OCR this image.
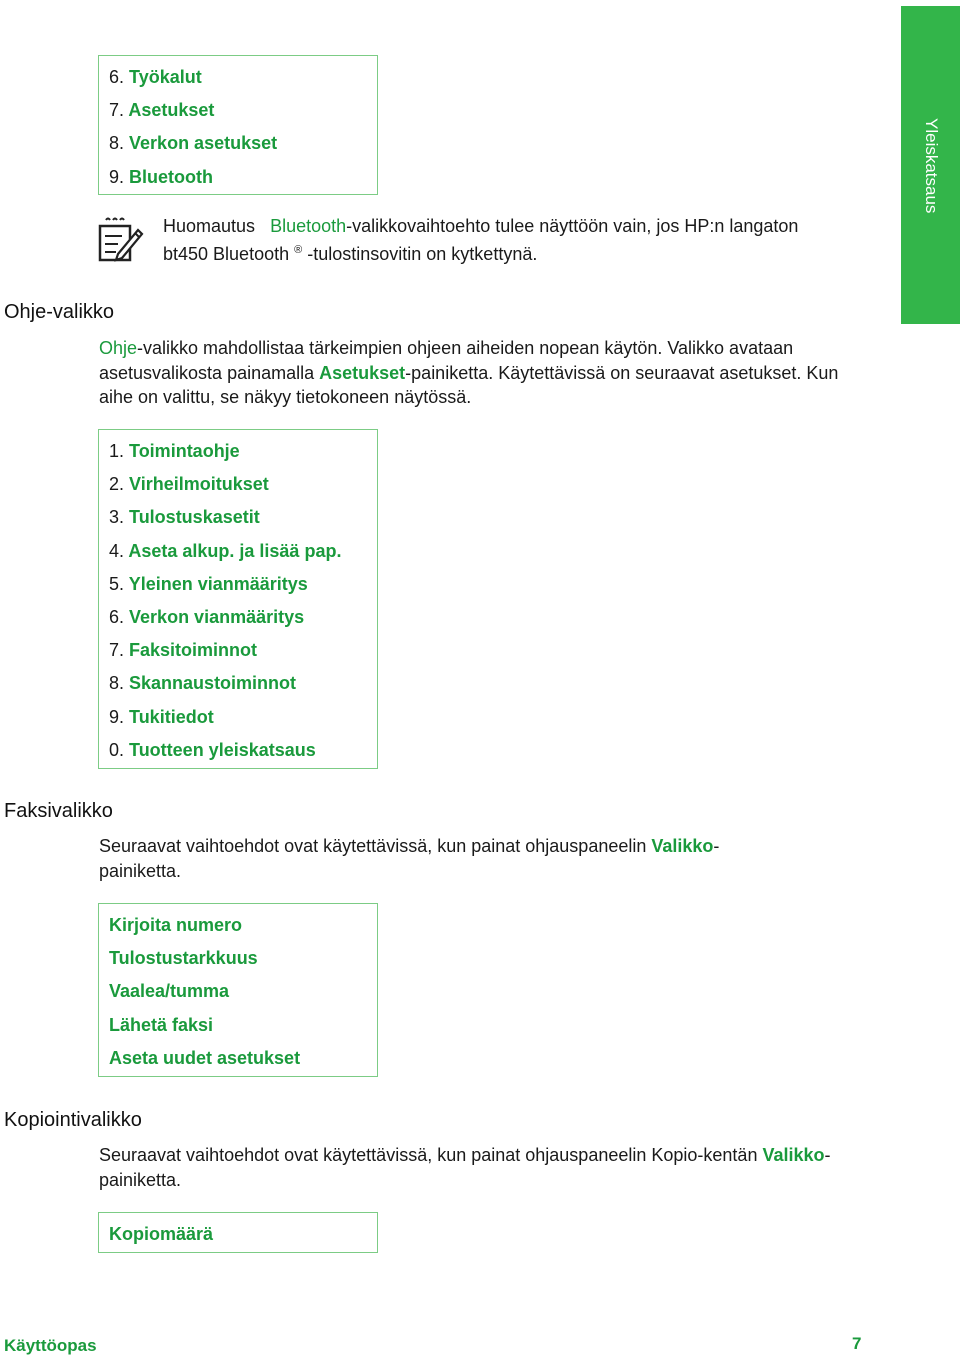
Yleiskatsaus
6. Työkalut
7. Asetukset
8. Verkon asetukset
9. Bluetooth
Huomautus Bluetooth-valikkovaihtoehto tulee näyttöön vain, jos HP:n langaton bt450 Bluetooth ® -tulostinsovitin on kytkettynä.
Ohje-valikko
Ohje-valikko mahdollistaa tärkeimpien ohjeen aiheiden nopean käytön. Valikko avataan asetusvalikosta painamalla Asetukset-painiketta. Käytettävissä on seuraavat asetukset. Kun aihe on valittu, se näkyy tietokoneen näytössä.
1. Toimintaohje
2. Virheilmoitukset
3. Tulostuskasetit
4. Aseta alkup. ja lisää pap.
5. Yleinen vianmääritys
6. Verkon vianmääritys
7. Faksitoiminnot
8. Skannaustoiminnot
9. Tukitiedot
0. Tuotteen yleiskatsaus
Faksivalikko
Seuraavat vaihtoehdot ovat käytettävissä, kun painat ohjauspaneelin Valikko-painiketta.
Kirjoita numero
Tulostustarkkuus
Vaalea/tumma
Lähetä faksi
Aseta uudet asetukset
Kopiointivalikko
Seuraavat vaihtoehdot ovat käytettävissä, kun painat ohjauspaneelin Kopio-kentän Valikko-painiketta.
Kopiomäärä
Käyttöopas	7
